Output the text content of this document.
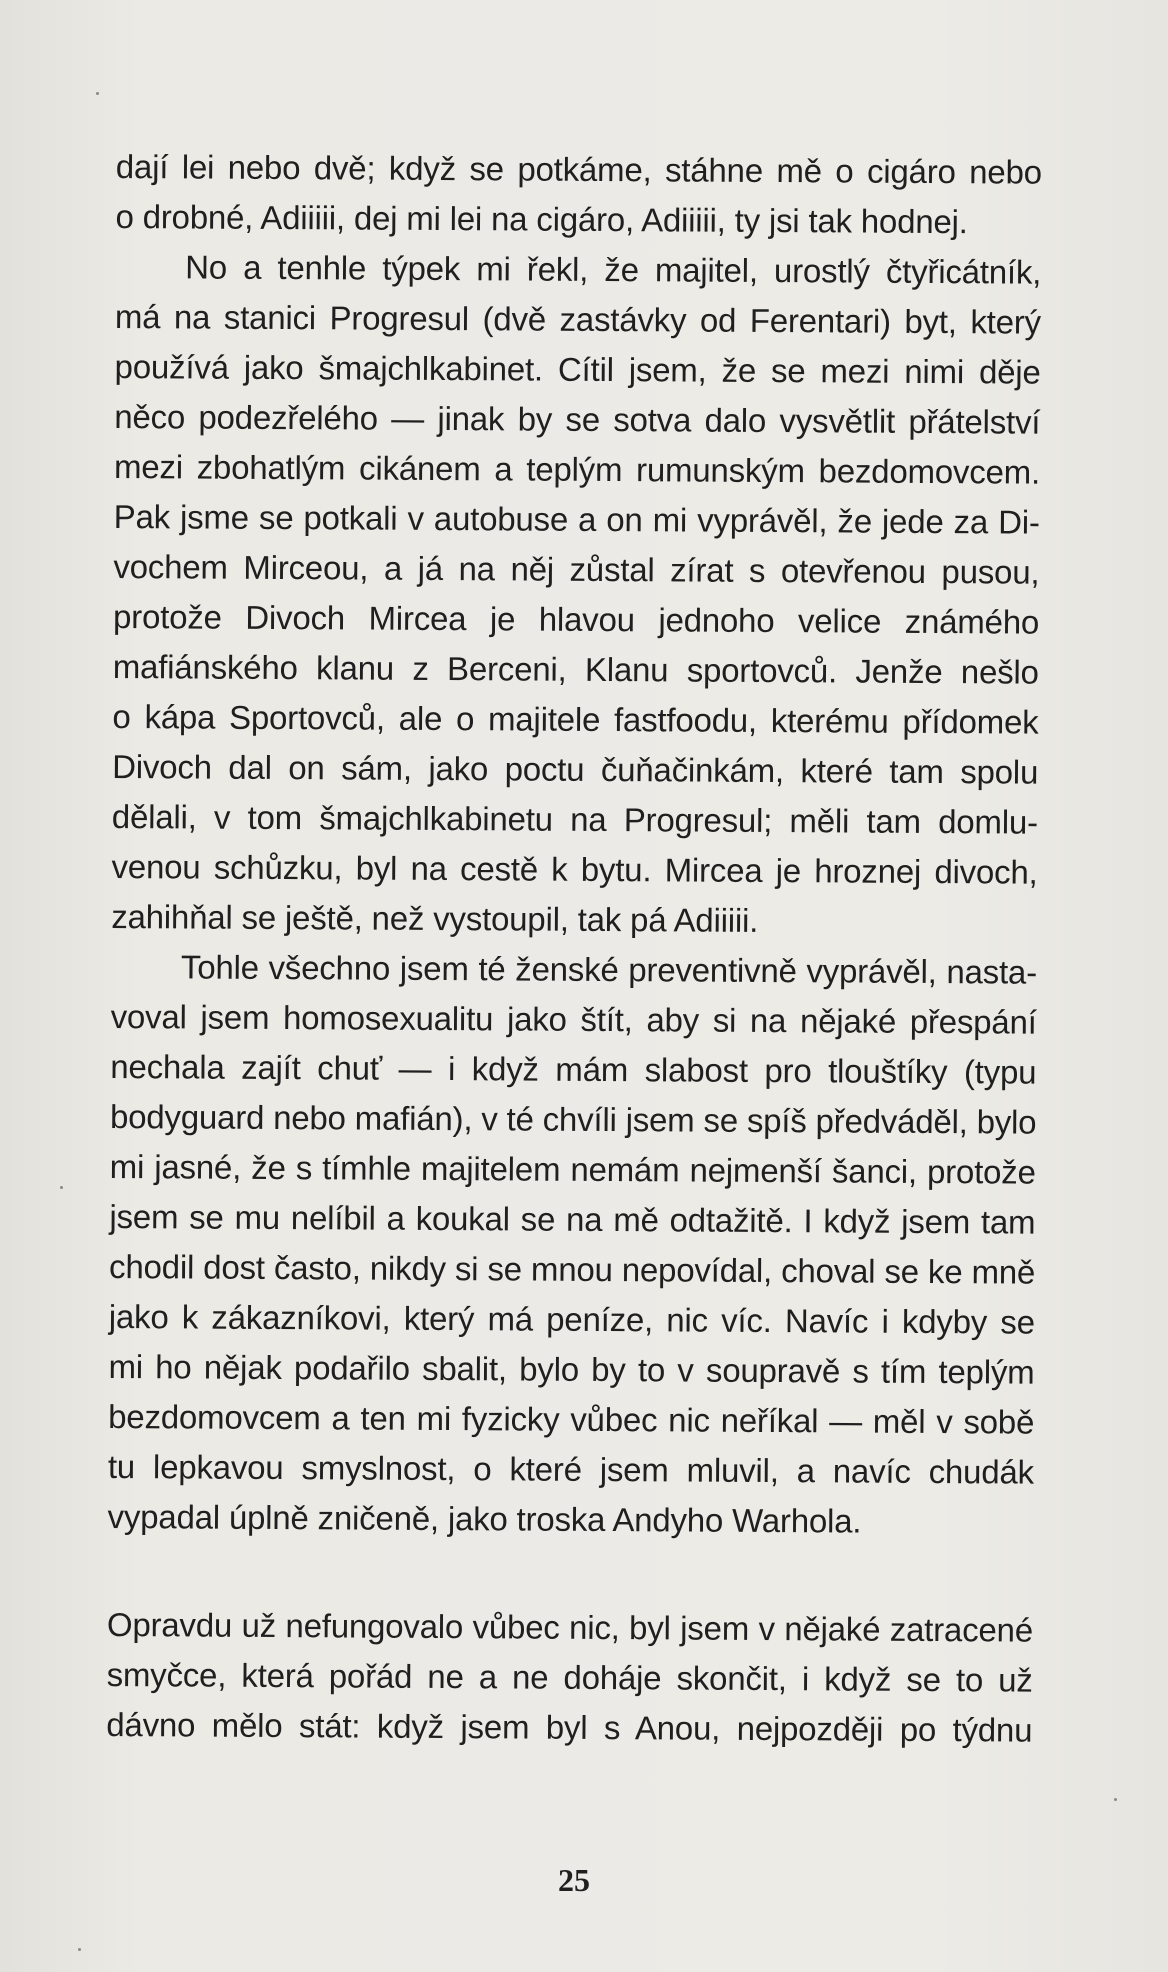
dají lei nebo dvě; když se potkáme, stáhne mě o cigáro nebo
o drobné, Adiiiii, dej mi lei na cigáro, Adiiiii, ty jsi tak hodnej.

No a tenhle týpek mi řekl, že majitel, urostlý čtyřicátník,
má na stanici Progresul (dvě zastávky od Ferentari) byt, který
používá jako šmajchlkabinet. Cítil jsem, že se mezi nimi děje
něco podezřelého — jinak by se sotva dalo vysvětlit přátelství
mezi zbohatlým cikánem a teplým rumunským bezdomovcem.
Pak jsme se potkali v autobuse a on mi vyprávěl, že jede za Di-
vochem Mirceou, a já na něj zůstal zírat s otevřenou pusou,
protože Divoch Mircea je hlavou jednoho velice známého
mafiánského klanu z Berceni, Klanu sportovců. Jenže nešlo
o kápa Sportovců, ale o majitele fastfoodu, kterému přídomek
Divoch dal on sám, jako poctu čuňačinkám, které tam spolu
dělali, v tom šmajchlkabinetu na Progresul; měli tam domlu-
venou schůzku, byl na cestě k bytu. Mircea je hroznej divoch,
zahihňal se ještě, než vystoupil, tak pá Adiiiii.

Tohle všechno jsem té ženské preventivně vyprávěl, nasta-
voval jsem homosexualitu jako štít, aby si na nějaké přespání
nechala zajít chuť — i když mám slabost pro tlouštíky (typu
bodyguard nebo mafián), v té chvíli jsem se spíš předváděl, bylo
mi jasné, že s tímhle majitelem nemám nejmenší šanci, protože
jsem se mu nelíbil a koukal se na mě odtažitě. I když jsem tam
chodil dost často, nikdy si se mnou nepovídal, choval se ke mně
jako k zákazníkovi, který má peníze, nic víc. Navíc i kdyby se
mi ho nějak podařilo sbalit, bylo by to v soupravě s tím teplým
bezdomovcem a ten mi fyzicky vůbec nic neříkal — měl v sobě
tu lepkavou smyslnost, o které jsem mluvil, a navíc chudák
vypadal úplně zničeně, jako troska Andyho Warhola.

Opravdu už nefungovalo vůbec nic, byl jsem v nějaké zatracené
smyčce, která pořád ne a ne doháje skončit, i když se to už
dávno mělo stát: když jsem byl s Anou, nejpozději po týdnu

25
